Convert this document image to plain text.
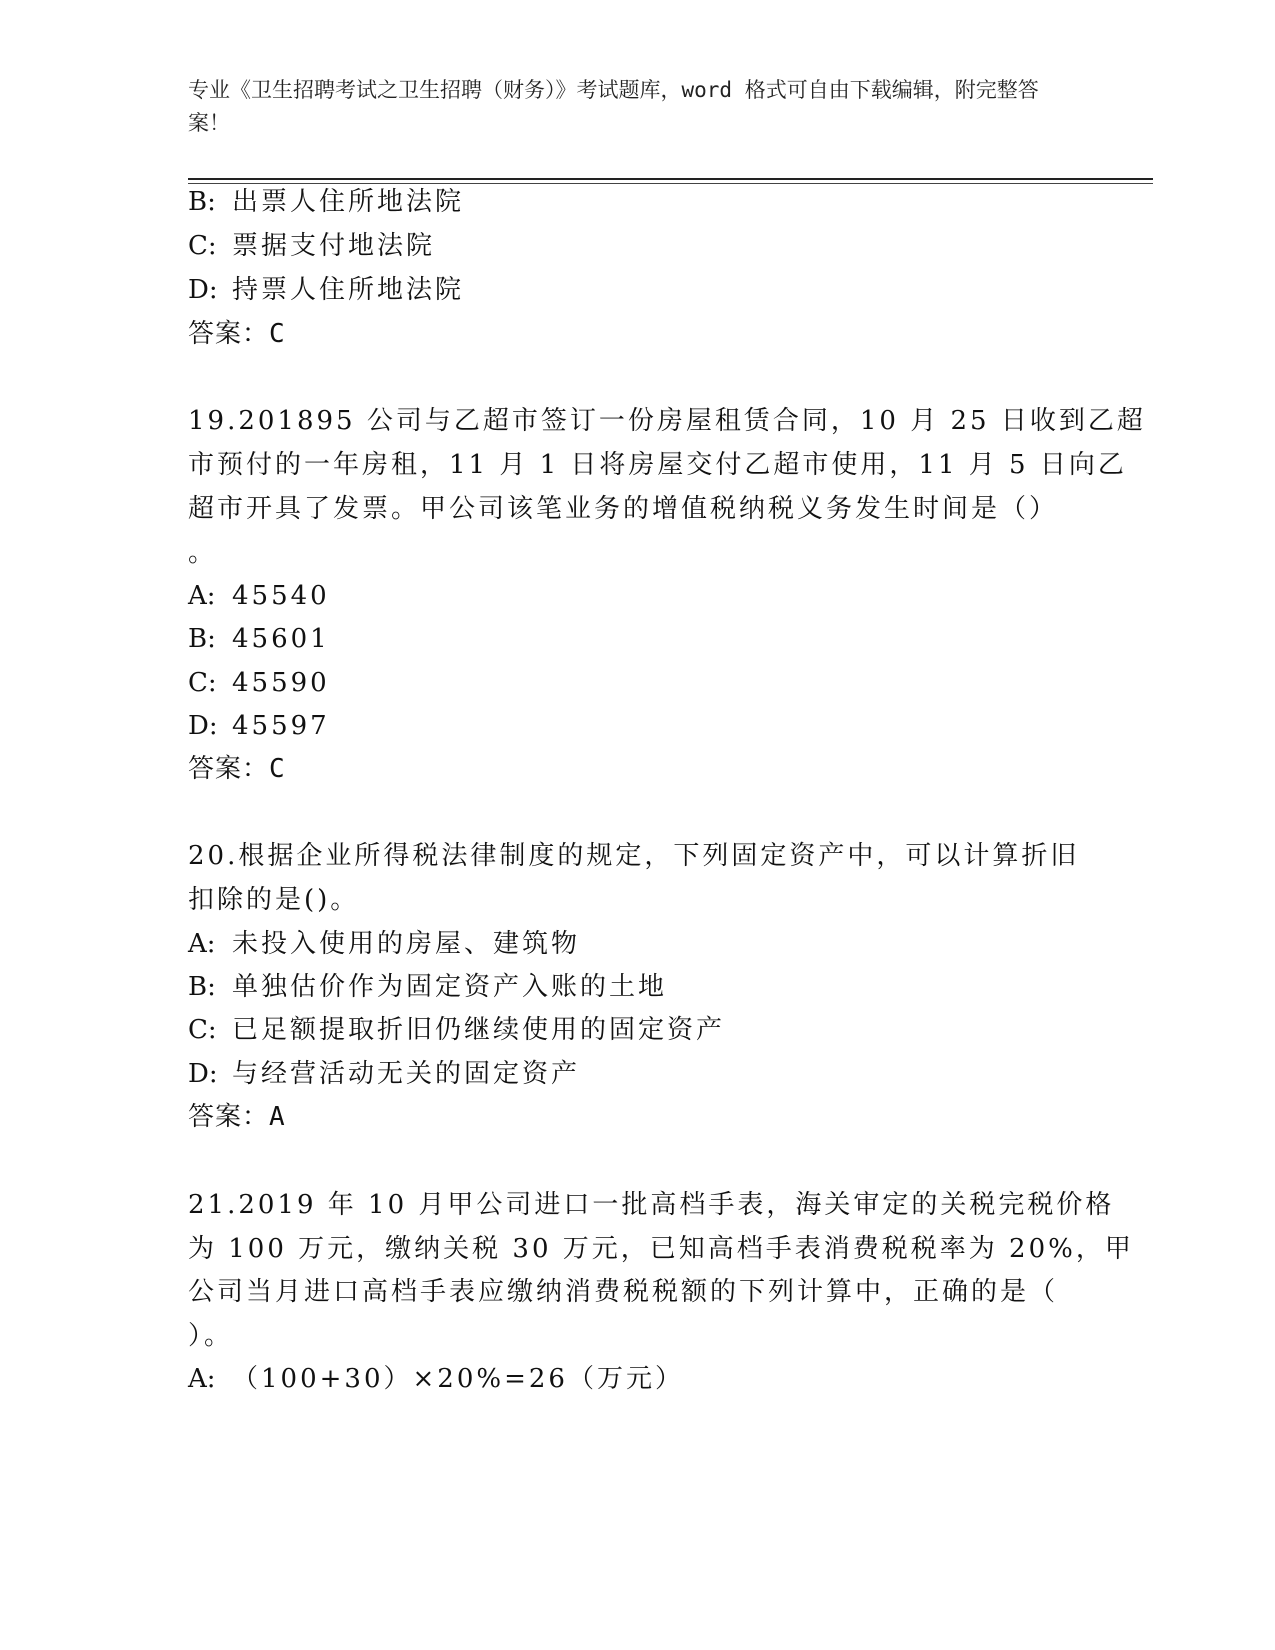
专业《卫生招聘考试之卫生招聘（财务）》考试题库，word 格式可自由下载编辑，附完整答案！
B: 出票人住所地法院
C: 票据支付地法院
D: 持票人住所地法院
答案：C
19.201895 公司与乙超市签订一份房屋租赁合同，10 月 25 日收到乙超
市预付的一年房租，11 月 1 日将房屋交付乙超市使用，11 月 5 日向乙
超市开具了发票。甲公司该笔业务的增值税纳税义务发生时间是（）
。
A: 45540
B: 45601
C: 45590
D: 45597
答案：C
20.根据企业所得税法律制度的规定，下列固定资产中，可以计算折旧
扣除的是()。
A: 未投入使用的房屋、建筑物
B: 单独估价作为固定资产入账的土地
C: 已足额提取折旧仍继续使用的固定资产
D: 与经营活动无关的固定资产
答案：A
21.2019 年 10 月甲公司进口一批高档手表，海关审定的关税完税价格
为 100 万元，缴纳关税 30 万元，已知高档手表消费税税率为 20%，甲
公司当月进口高档手表应缴纳消费税税额的下列计算中，正确的是（
）。
A: （100+30）×20%=26（万元）
